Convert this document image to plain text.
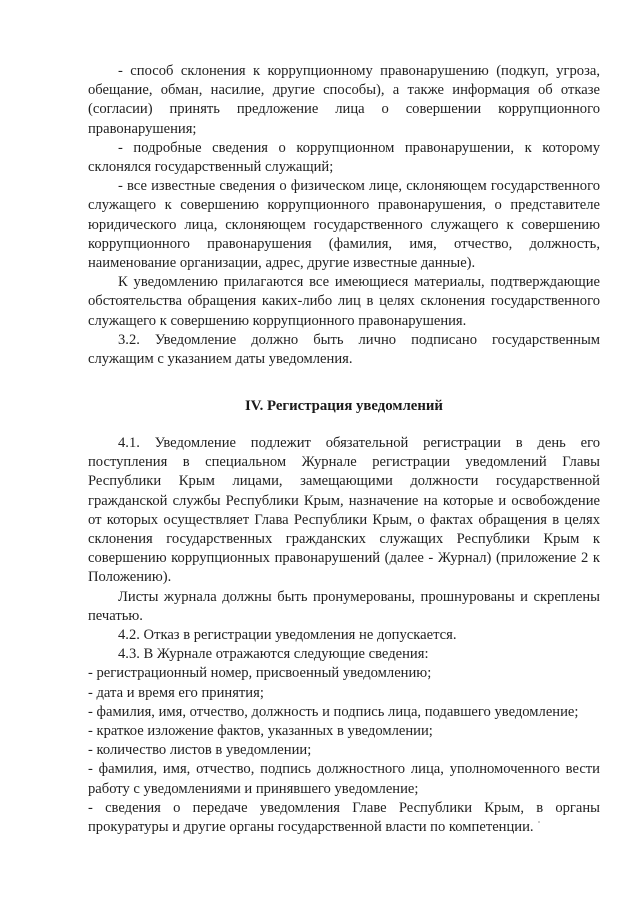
- способ склонения к коррупционному правонарушению (подкуп, угроза, обещание, обман, насилие, другие способы), а также информация об отказе (согласии) принять предложение лица о совершении коррупционного правонарушения;

- подробные сведения о коррупционном правонарушении, к которому склонялся государственный служащий;

- все известные сведения о физическом лице, склоняющем государственного служащего к совершению коррупционного правонарушения, о представителе юридического лица, склоняющем государственного служащего к совершению коррупционного правонарушения (фамилия, имя, отчество, должность, наименование организации, адрес, другие известные данные).

К уведомлению прилагаются все имеющиеся материалы, подтверждающие обстоятельства обращения каких-либо лиц в целях склонения государственного служащего к совершению коррупционного правонарушения.

3.2. Уведомление должно быть лично подписано государственным служащим с указанием даты уведомления.

IV. Регистрация уведомлений

4.1. Уведомление подлежит обязательной регистрации в день его поступления в специальном Журнале регистрации уведомлений Главы Республики Крым лицами, замещающими должности государственной гражданской службы Республики Крым, назначение на которые и освобождение от которых осуществляет Глава Республики Крым, о фактах обращения в целях склонения государственных гражданских служащих Республики Крым к совершению коррупционных правонарушений (далее - Журнал) (приложение 2 к Положению).

Листы журнала должны быть пронумерованы, прошнурованы и скреплены печатью.

4.2. Отказ в регистрации уведомления не допускается.

4.3. В Журнале отражаются следующие сведения:

- регистрационный номер, присвоенный уведомлению;

- дата и время его принятия;

- фамилия, имя, отчество, должность и подпись лица, подавшего уведомление;

- краткое изложение фактов, указанных в уведомлении;

- количество листов в уведомлении;

- фамилия, имя, отчество, подпись должностного лица, уполномоченного вести работу с уведомлениями и принявшего уведомление;

- сведения о передаче уведомления Главе Республики Крым, в органы прокуратуры и другие органы государственной власти по компетенции.
